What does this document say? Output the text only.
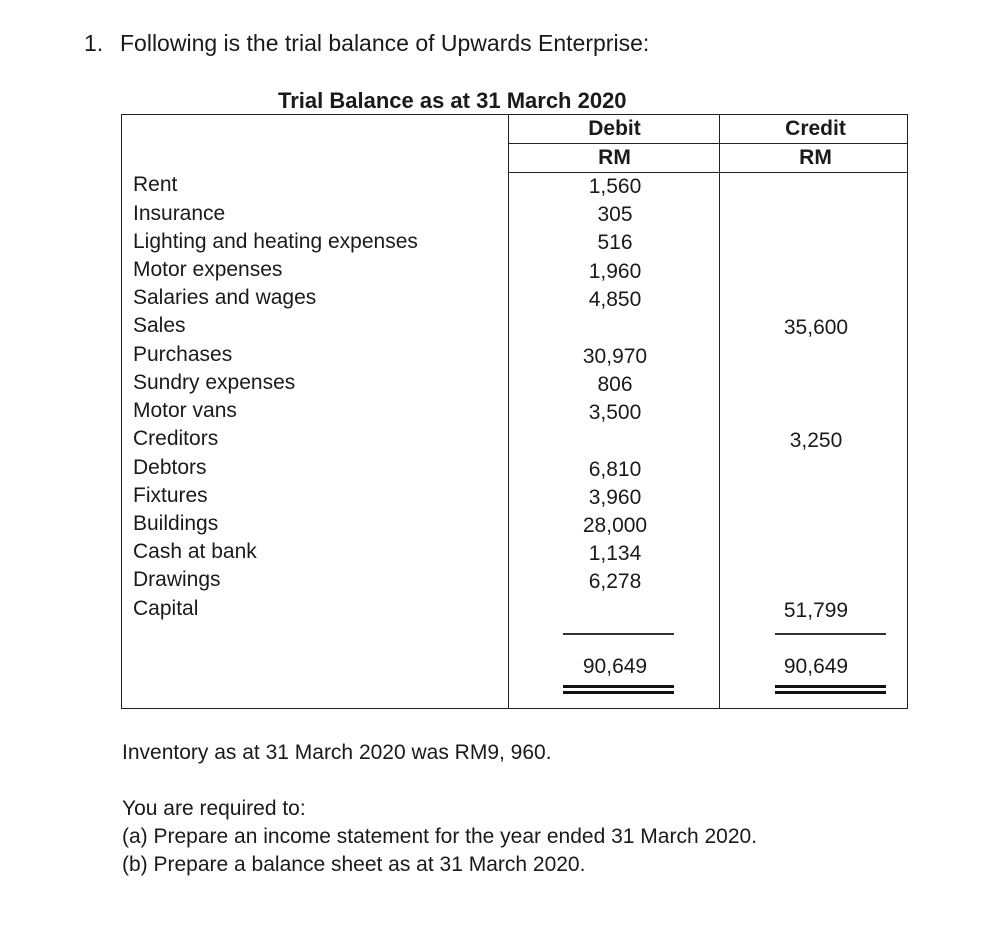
1. Following is the trial balance of Upwards Enterprise:
Trial Balance as at 31 March 2020
Debit
RM
Credit
RM
Rent
Insurance
Lighting and heating expenses
Motor expenses
Salaries and wages
Sales
Purchases
Sundry expenses
Motor vans
Creditors
Debtors
Fixtures
Buildings
Cash at bank
Drawings
Capital
1,560
305
516
1,960
4,850
30,970
806
3,500
6,810
3,960
28,000
1,134
6,278
35,600
3,250
51,799
90,649	90,649
Inventory as at 31 March 2020 was RM9, 960.
You are required to:
(a) Prepare an income statement for the year ended 31 March 2020.
(b) Prepare a balance sheet as at 31 March 2020.
